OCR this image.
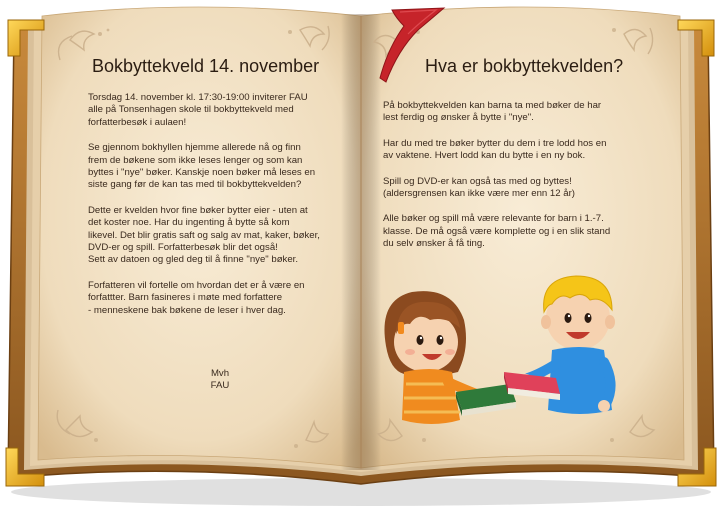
Bokbyttekveld 14. november

Torsdag 14. november kl. 17:30-19:00 inviterer FAU
alle på Tonsenhagen skole til bokbyttekveld med
forfatterbesøk i aulaen!

Se gjennom bokhyllen hjemme allerede nå og finn
frem de bøkene som ikke leses lenger og som kan
byttes i "nye" bøker. Kanskje noen bøker må leses en
siste gang før de kan tas med til bokbyttekvelden?

Dette er kvelden hvor fine bøker bytter eier - uten at
det koster noe. Har du ingenting å bytte så kom
likevel. Det blir gratis saft og salg av mat, kaker, bøker,
DVD-er og spill. Forfatterbesøk blir det også!
Sett av datoen og gled deg til å finne "nye" bøker.

Forfatteren vil fortelle om hvordan det er å være en
forfattter. Barn fasineres i møte med forfattere
- menneskene bak bøkene de leser i hver dag.

Mvh
FAU
Hva er bokbyttekvelden?

På bokbyttekvelden kan barna ta med bøker de har
lest ferdig og ønsker å bytte i "nye".

Har du med tre bøker bytter du dem i tre lodd hos en
av vaktene. Hvert lodd kan du bytte i en ny bok.

Spill og DVD-er kan også tas med og byttes!
(aldersgrensen kan ikke være mer enn 12 år)

Alle bøker og spill må være relevante for barn i 1.-7.
klasse. De må også være komplette og i en slik stand
du selv ønsker å få ting.
